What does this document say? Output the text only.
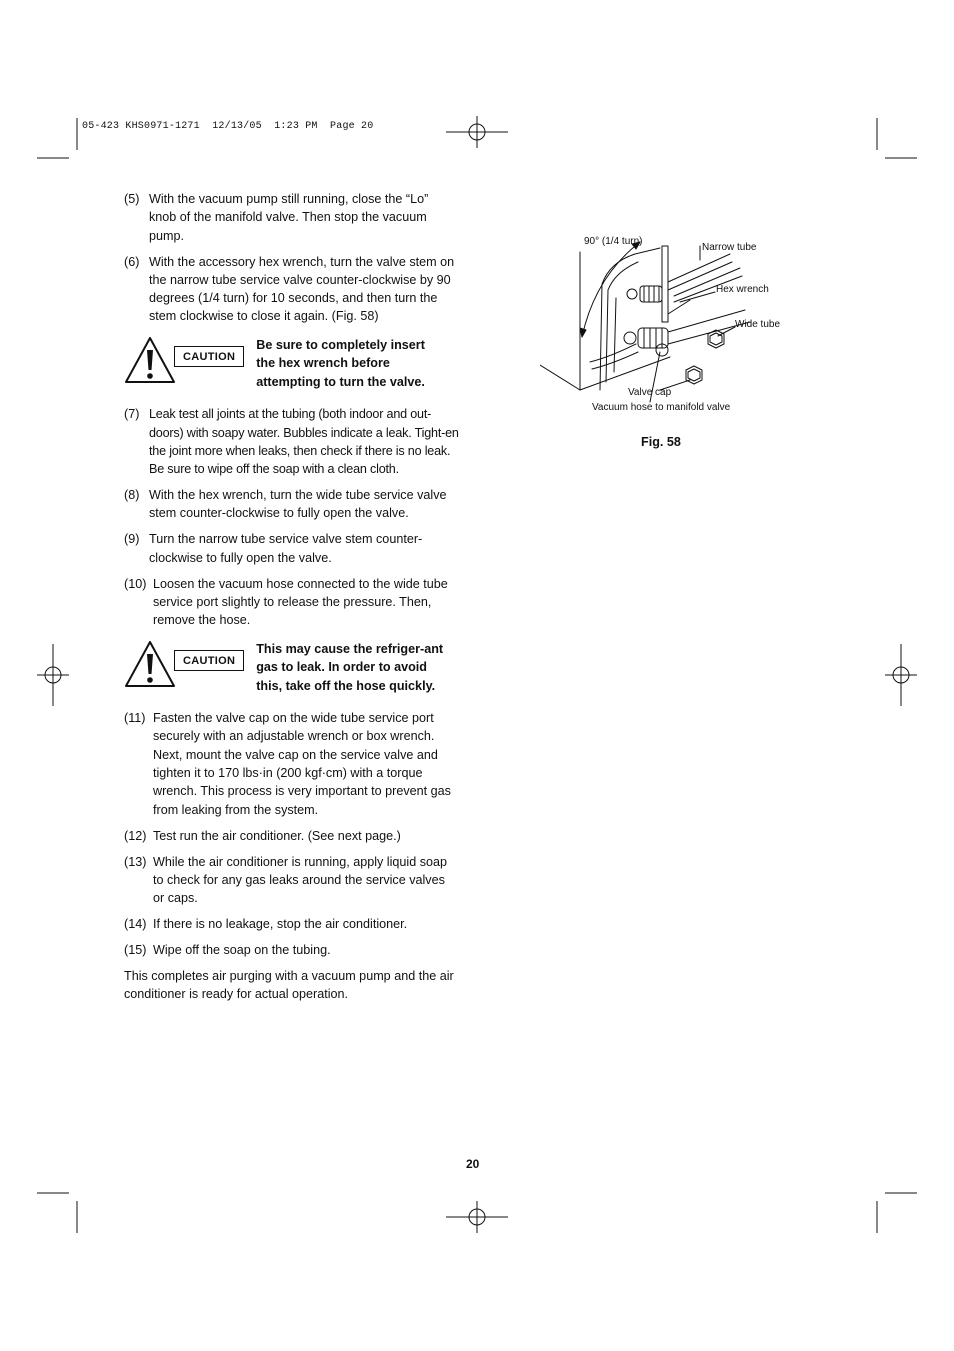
05-423 KHS0971-1271  12/13/05  1:23 PM  Page 20
(5) With the vacuum pump still running, close the “Lo” knob of the manifold valve. Then stop the vacuum pump.
(6) With the accessory hex wrench, turn the valve stem on the narrow tube service valve counter-clockwise by 90 degrees (1/4 turn) for 10 seconds, and then turn the stem clockwise to close it again. (Fig. 58)
CAUTION
Be sure to completely insert the hex wrench before attempting to turn the valve.
(7) Leak test all joints at the tubing (both indoor and out-doors) with soapy water. Bubbles indicate a leak. Tight-en the joint more when leaks, then check if there is no leak. Be sure to wipe off the soap with a clean cloth.
(8) With the hex wrench, turn the wide tube service valve stem counter-clockwise to fully open the valve.
(9) Turn the narrow tube service valve stem counter-clockwise to fully open the valve.
(10) Loosen the vacuum hose connected to the wide tube service port slightly to release the pressure. Then, remove the hose.
CAUTION
This may cause the refriger-ant gas to leak. In order to avoid this, take off the hose quickly.
(11) Fasten the valve cap on the wide tube service port securely with an adjustable wrench or box wrench. Next, mount the valve cap on the service valve and tighten it to 170 lbs·in (200 kgf·cm) with a torque wrench. This process is very important to prevent gas from leaking from the system.
(12) Test run the air conditioner. (See next page.)
(13) While the air conditioner is running, apply liquid soap to check for any gas leaks around the service valves or caps.
(14) If there is no leakage, stop the air conditioner.
(15) Wipe off the soap on the tubing.
This completes air purging with a vacuum pump and the air conditioner is ready for actual operation.
90° (1/4 turn)
Narrow tube
Hex wrench
Wide tube
Valve cap
Vacuum hose to manifold valve
Fig. 58
20
